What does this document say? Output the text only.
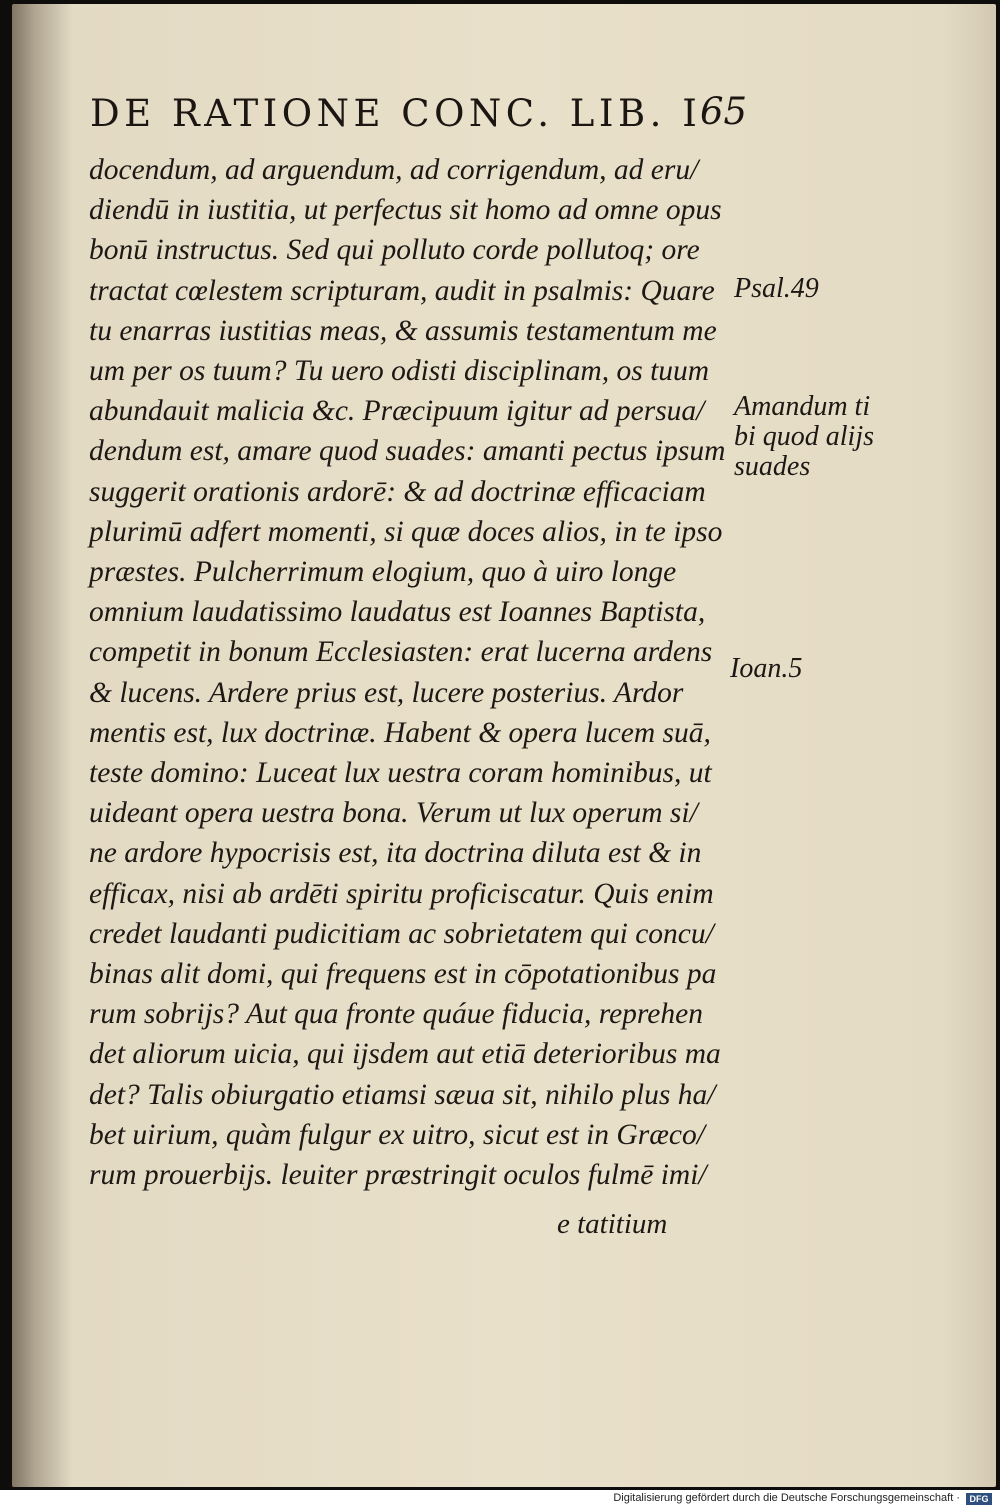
DE RATIONE CONC. LIB. I
65
docendum, ad arguendum, ad corrigendum, ad eru/
diendū in iustitia, ut perfectus sit homo ad omne opus
bonū instructus. Sed qui polluto corde pollutoq; ore
tractat cœlestem scripturam, audit in psalmis: Quare
tu enarras iustitias meas, & assumis testamentum me
um per os tuum? Tu uero odisti disciplinam, os tuum
abundauit malicia &c. Præcipuum igitur ad persua/
dendum est, amare quod suades: amanti pectus ipsum
suggerit orationis ardorē: & ad doctrinæ efficaciam
plurimū adfert momenti, si quæ doces alios, in te ipso
præstes. Pulcherrimum elogium, quo à uiro longe
omnium laudatissimo laudatus est Ioannes Baptista,
competit in bonum Ecclesiasten: erat lucerna ardens
& lucens. Ardere prius est, lucere posterius. Ardor
mentis est, lux doctrinæ. Habent & opera lucem suā,
teste domino: Luceat lux uestra coram hominibus, ut
uideant opera uestra bona. Verum ut lux operum si/
ne ardore hypocrisis est, ita doctrina diluta est & in
efficax, nisi ab ardēti spiritu proficiscatur. Quis enim
credet laudanti pudicitiam ac sobrietatem qui concu/
binas alit domi, qui frequens est in cōpotationibus pa
rum sobrijs? Aut qua fronte quáue fiducia, reprehen
det aliorum uicia, qui ijsdem aut etiā deterioribus ma
det? Talis obiurgatio etiamsi sæua sit, nihilo plus ha/
bet uirium, quàm fulgur ex uitro, sicut est in Græco/
rum prouerbijs. leuiter præstringit oculos fulmē imi/
Psal.49
Amandum ti
bi quod alijs
suades
Ioan.5
e tatitium
Digitalisierung gefördert durch die Deutsche Forschungsgemeinschaft ·	DFG
